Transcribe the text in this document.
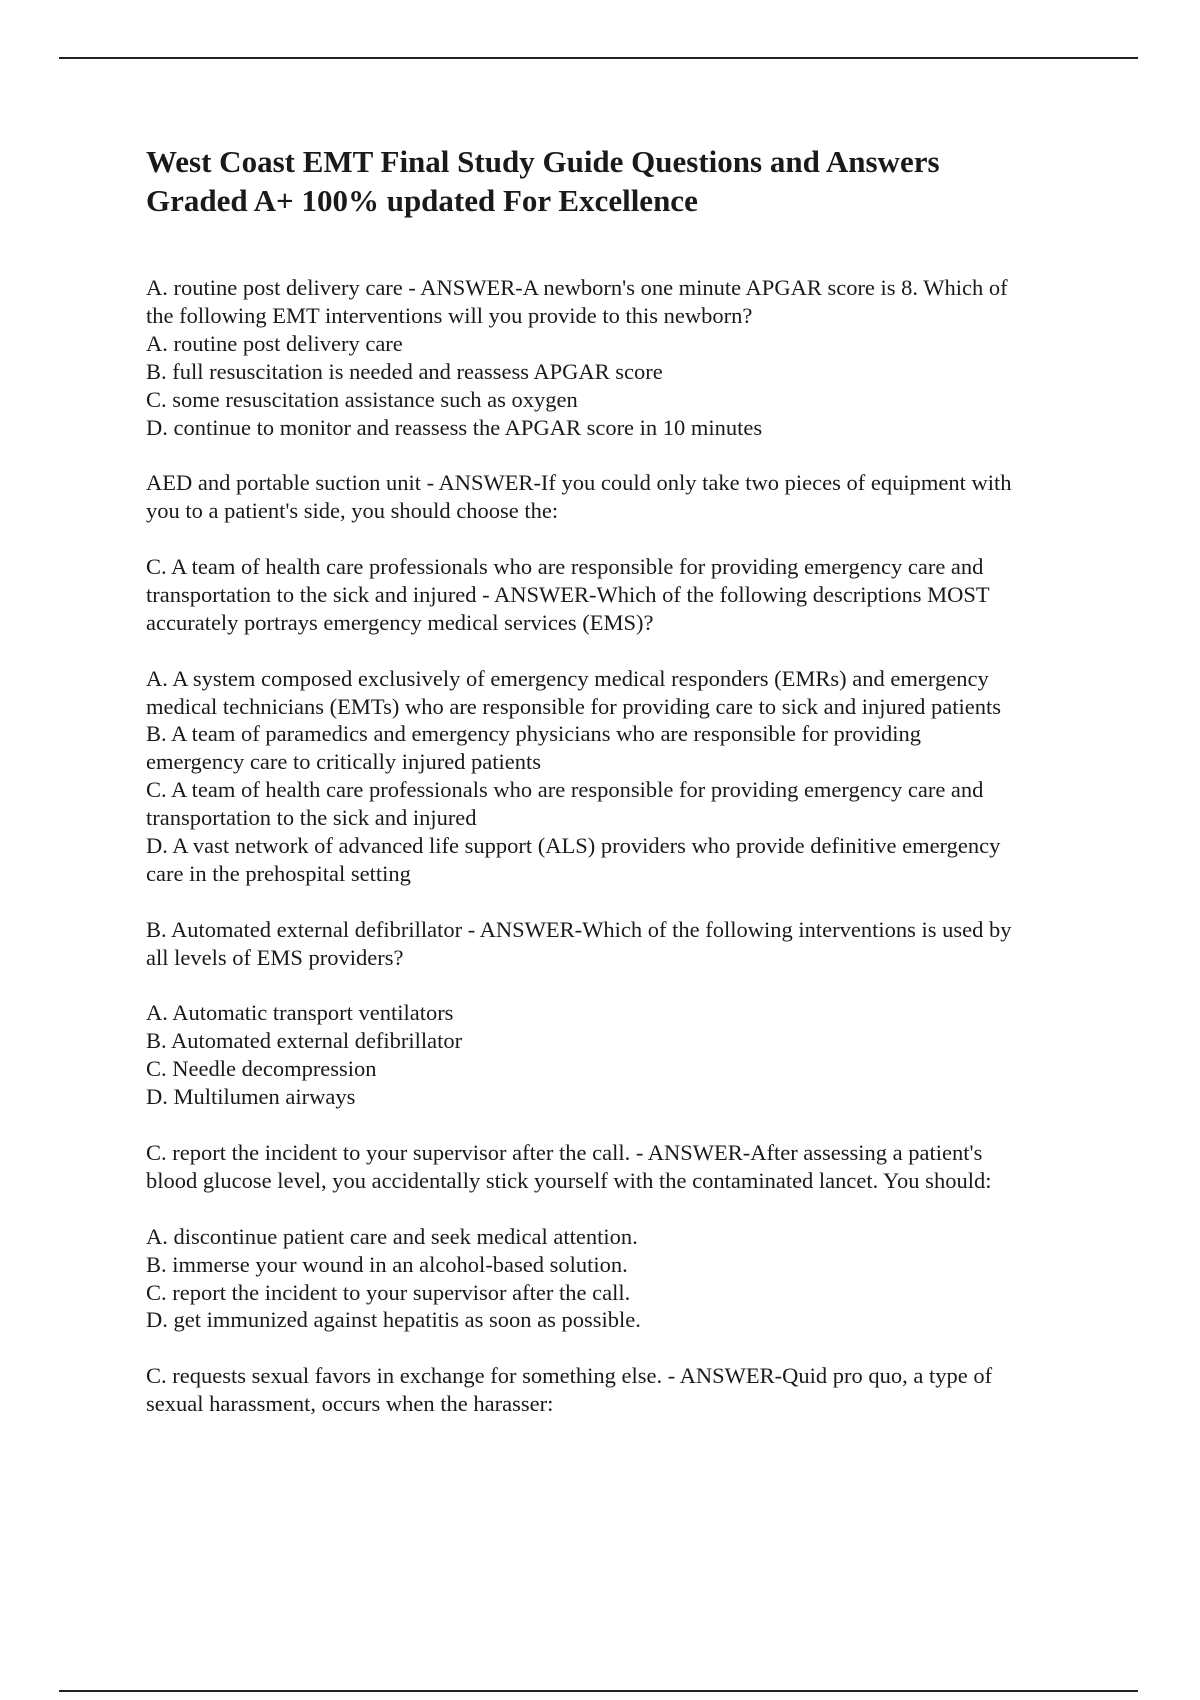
West Coast EMT Final Study Guide Questions and Answers
Graded A+ 100% updated For Excellence
A. routine post delivery care - ANSWER-A newborn's one minute APGAR score is 8. Which of
the following EMT interventions will you provide to this newborn?
A. routine post delivery care
B. full resuscitation is needed and reassess APGAR score
C. some resuscitation assistance such as oxygen
D. continue to monitor and reassess the APGAR score in 10 minutes
AED and portable suction unit - ANSWER-If you could only take two pieces of equipment with
you to a patient's side, you should choose the:
C. A team of health care professionals who are responsible for providing emergency care and
transportation to the sick and injured - ANSWER-Which of the following descriptions MOST
accurately portrays emergency medical services (EMS)?
A. A system composed exclusively of emergency medical responders (EMRs) and emergency
medical technicians (EMTs) who are responsible for providing care to sick and injured patients
B. A team of paramedics and emergency physicians who are responsible for providing
emergency care to critically injured patients
C. A team of health care professionals who are responsible for providing emergency care and
transportation to the sick and injured
D. A vast network of advanced life support (ALS) providers who provide definitive emergency
care in the prehospital setting
B. Automated external defibrillator - ANSWER-Which of the following interventions is used by
all levels of EMS providers?
A. Automatic transport ventilators
B. Automated external defibrillator
C. Needle decompression
D. Multilumen airways
C. report the incident to your supervisor after the call. - ANSWER-After assessing a patient's
blood glucose level, you accidentally stick yourself with the contaminated lancet. You should:
A. discontinue patient care and seek medical attention.
B. immerse your wound in an alcohol-based solution.
C. report the incident to your supervisor after the call.
D. get immunized against hepatitis as soon as possible.
C. requests sexual favors in exchange for something else. - ANSWER-Quid pro quo, a type of
sexual harassment, occurs when the harasser:
